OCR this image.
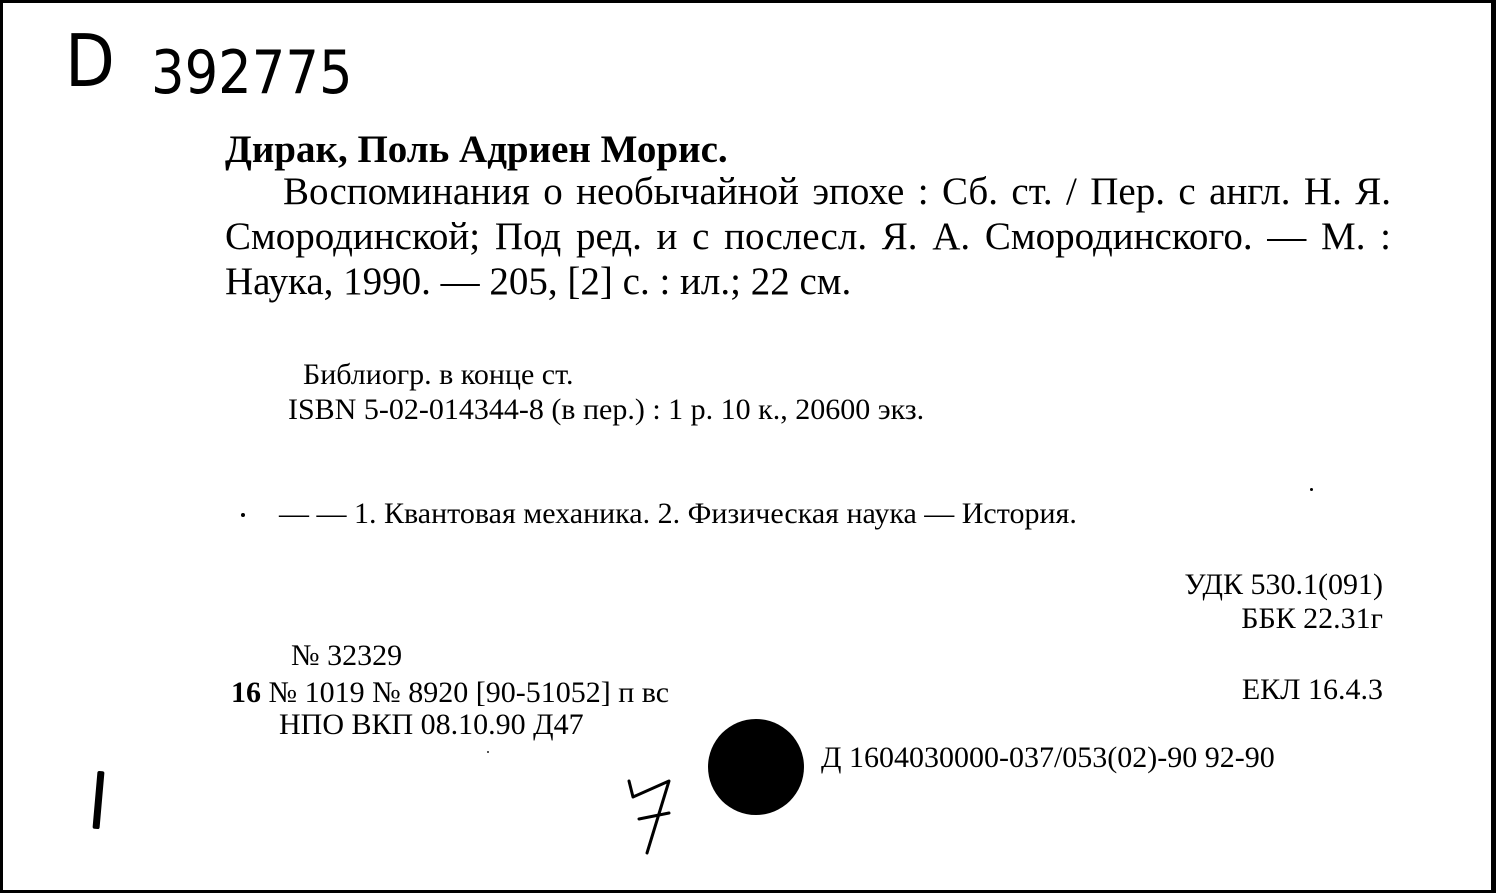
D 392775
Дирак, Поль Адриен Морис.

Воспоминания о необычайной эпохе : Сб. ст. / Пер. с англ. Н. Я. Смородинской; Под ред. и с послесл. Я. А. Смородинского. — М. : Наука, 1990. — 205, [2] с. : ил.; 22 см.

Библиогр. в конце ст.
ISBN 5-02-014344-8 (в пер.) : 1 р. 10 к., 20600 экз.
— — 1. Квантовая механика. 2. Физическая наука — История.
УДК 530.1(091)
ББК 22.31г
ЕКЛ 16.4.3
№ 32329
16 № 1019 № 8920 [90-51052] п вс
НПО ВКП 08.10.90 Д47
Д 1604030000-037/053(02)-90 92-90
